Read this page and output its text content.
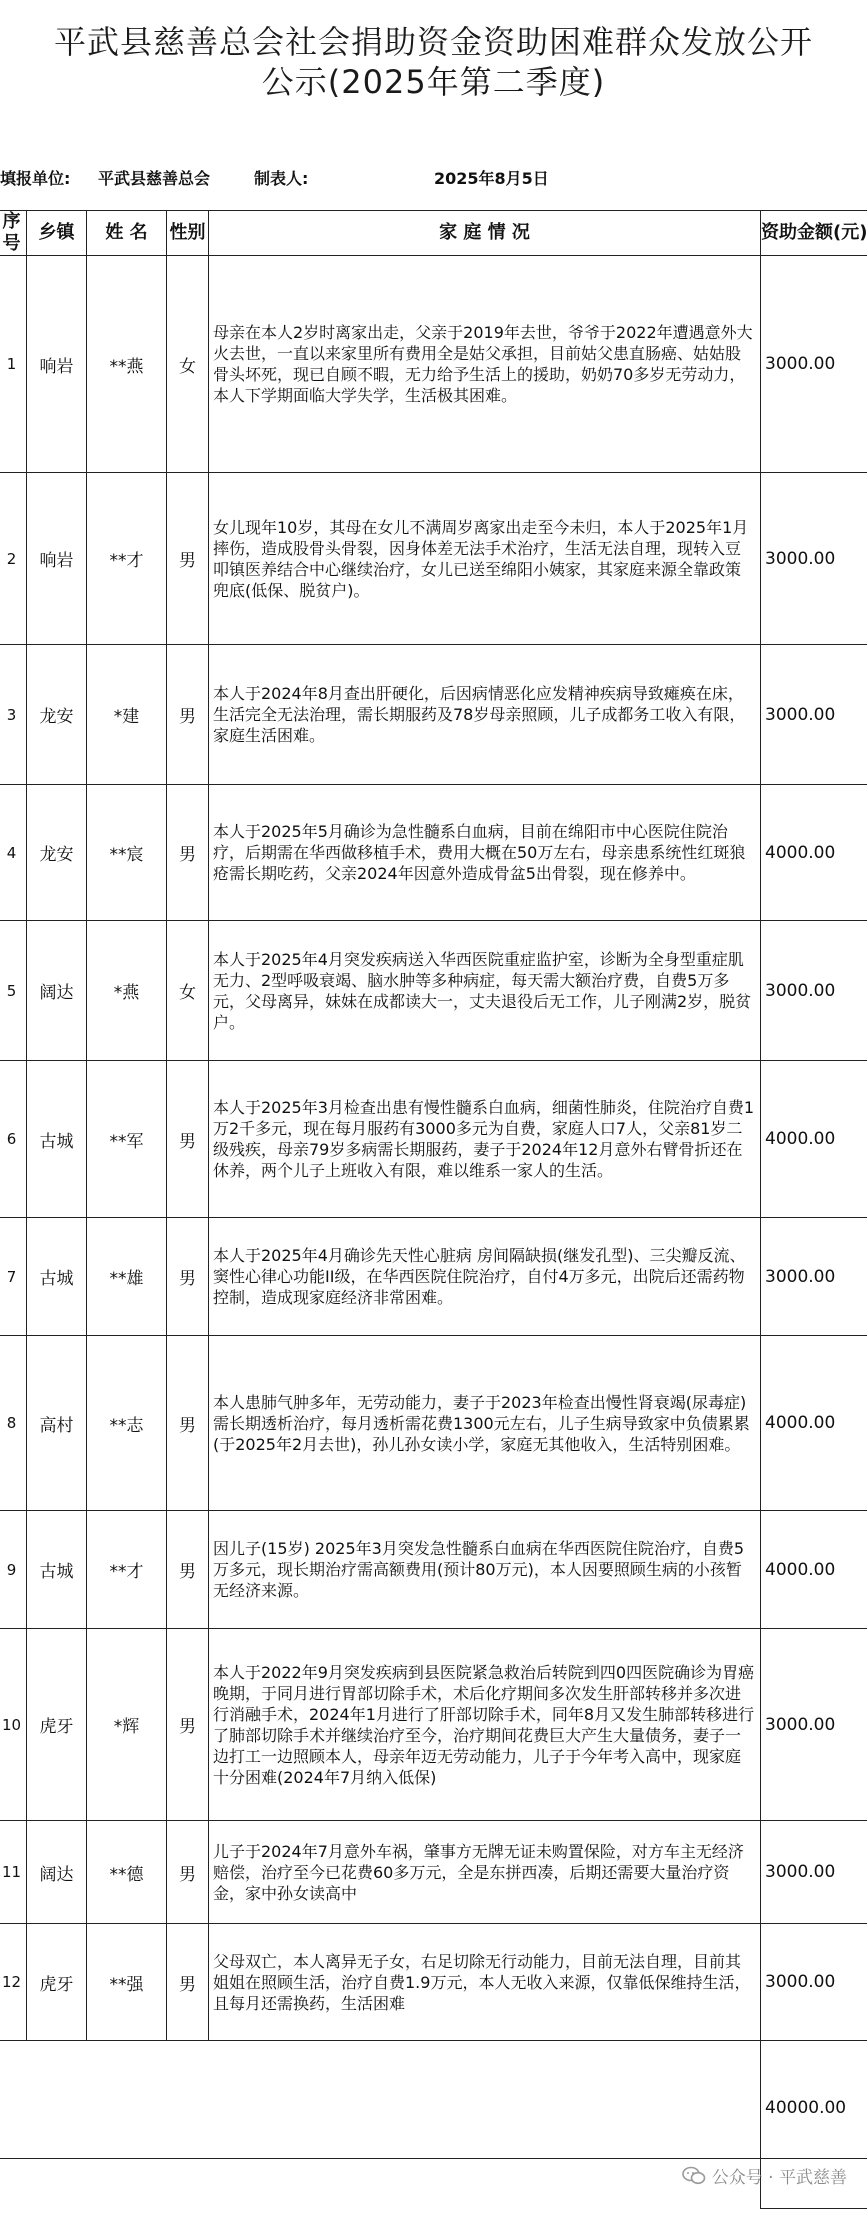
平武县慈善总会社会捐助资金资助困难群众发放公开
公示(2025年第二季度)
填报单位: 平武县慈善总会	制表人:	2025年8月5日
序号	乡镇	姓 名	性别	家 庭 情 况	资助金额(元)
1	响岩	**燕	女	母亲在本人2岁时离家出走，父亲于2019年去世，爷爷于2022年遭遇意外大火去世，一直以来家里所有费用全是姑父承担，目前姑父患直肠癌、姑姑股骨头坏死，现已自顾不暇，无力给予生活上的援助，奶奶70多岁无劳动力，本人下学期面临大学失学，生活极其困难。	3000.00
2	响岩	**才	男	女儿现年10岁，其母在女儿不满周岁离家出走至今未归，本人于2025年1月摔伤，造成股骨头骨裂，因身体差无法手术治疗，生活无法自理，现转入豆叩镇医养结合中心继续治疗，女儿已送至绵阳小姨家，其家庭来源全靠政策兜底(低保、脱贫户)。	3000.00
3	龙安	*建	男	本人于2024年8月查出肝硬化，后因病情恶化应发精神疾病导致瘫痪在床，生活完全无法治理，需长期服药及78岁母亲照顾，儿子成都务工收入有限，家庭生活困难。	3000.00
4	龙安	**宸	男	本人于2025年5月确诊为急性髓系白血病，目前在绵阳市中心医院住院治疗，后期需在华西做移植手术，费用大概在50万左右，母亲患系统性红斑狼疮需长期吃药，父亲2024年因意外造成骨盆5出骨裂，现在修养中。	4000.00
5	阔达	*燕	女	本人于2025年4月突发疾病送入华西医院重症监护室，诊断为全身型重症肌无力、2型呼吸衰竭、脑水肿等多种病症，每天需大额治疗费，自费5万多元，父母离异，妹妹在成都读大一，丈夫退役后无工作，儿子刚满2岁，脱贫户。	3000.00
6	古城	**军	男	本人于2025年3月检查出患有慢性髓系白血病，细菌性肺炎，住院治疗自费1万2千多元，现在每月服药有3000多元为自费，家庭人口7人，父亲81岁二级残疾，母亲79岁多病需长期服药，妻子于2024年12月意外右臂骨折还在休养，两个儿子上班收入有限，难以维系一家人的生活。	4000.00
7	古城	**雄	男	本人于2025年4月确诊先天性心脏病 房间隔缺损(继发孔型)、三尖瓣反流、窦性心律心功能II级，在华西医院住院治疗，自付4万多元，出院后还需药物控制，造成现家庭经济非常困难。	3000.00
8	高村	**志	男	本人患肺气肿多年，无劳动能力，妻子于2023年检查出慢性肾衰竭(尿毒症)需长期透析治疗，每月透析需花费1300元左右，儿子生病导致家中负债累累(于2025年2月去世)，孙儿孙女读小学，家庭无其他收入，生活特别困难。	4000.00
9	古城	**才	男	因儿子(15岁) 2025年3月突发急性髓系白血病在华西医院住院治疗，自费5万多元，现长期治疗需高额费用(预计80万元)，本人因要照顾生病的小孩暂无经济来源。	4000.00
10	虎牙	*辉	男	本人于2022年9月突发疾病到县医院紧急救治后转院到四0四医院确诊为胃癌晚期，于同月进行胃部切除手术，术后化疗期间多次发生肝部转移并多次进行消融手术，2024年1月进行了肝部切除手术，同年8月又发生肺部转移进行了肺部切除手术并继续治疗至今，治疗期间花费巨大产生大量债务，妻子一边打工一边照顾本人，母亲年迈无劳动能力，儿子于今年考入高中，现家庭十分困难(2024年7月纳入低保)	3000.00
11	阔达	**德	男	儿子于2024年7月意外车祸，肇事方无牌无证未购置保险，对方车主无经济赔偿，治疗至今已花费60多万元，全是东拼西凑，后期还需要大量治疗资金，家中孙女读高中	3000.00
12	虎牙	**强	男	父母双亡，本人离异无子女，右足切除无行动能力，目前无法自理，目前其姐姐在照顾生活，治疗自费1.9万元，本人无收入来源，仅靠低保维持生活，且每月还需换药，生活困难	3000.00
					40000.00

公众号 · 平武慈善
